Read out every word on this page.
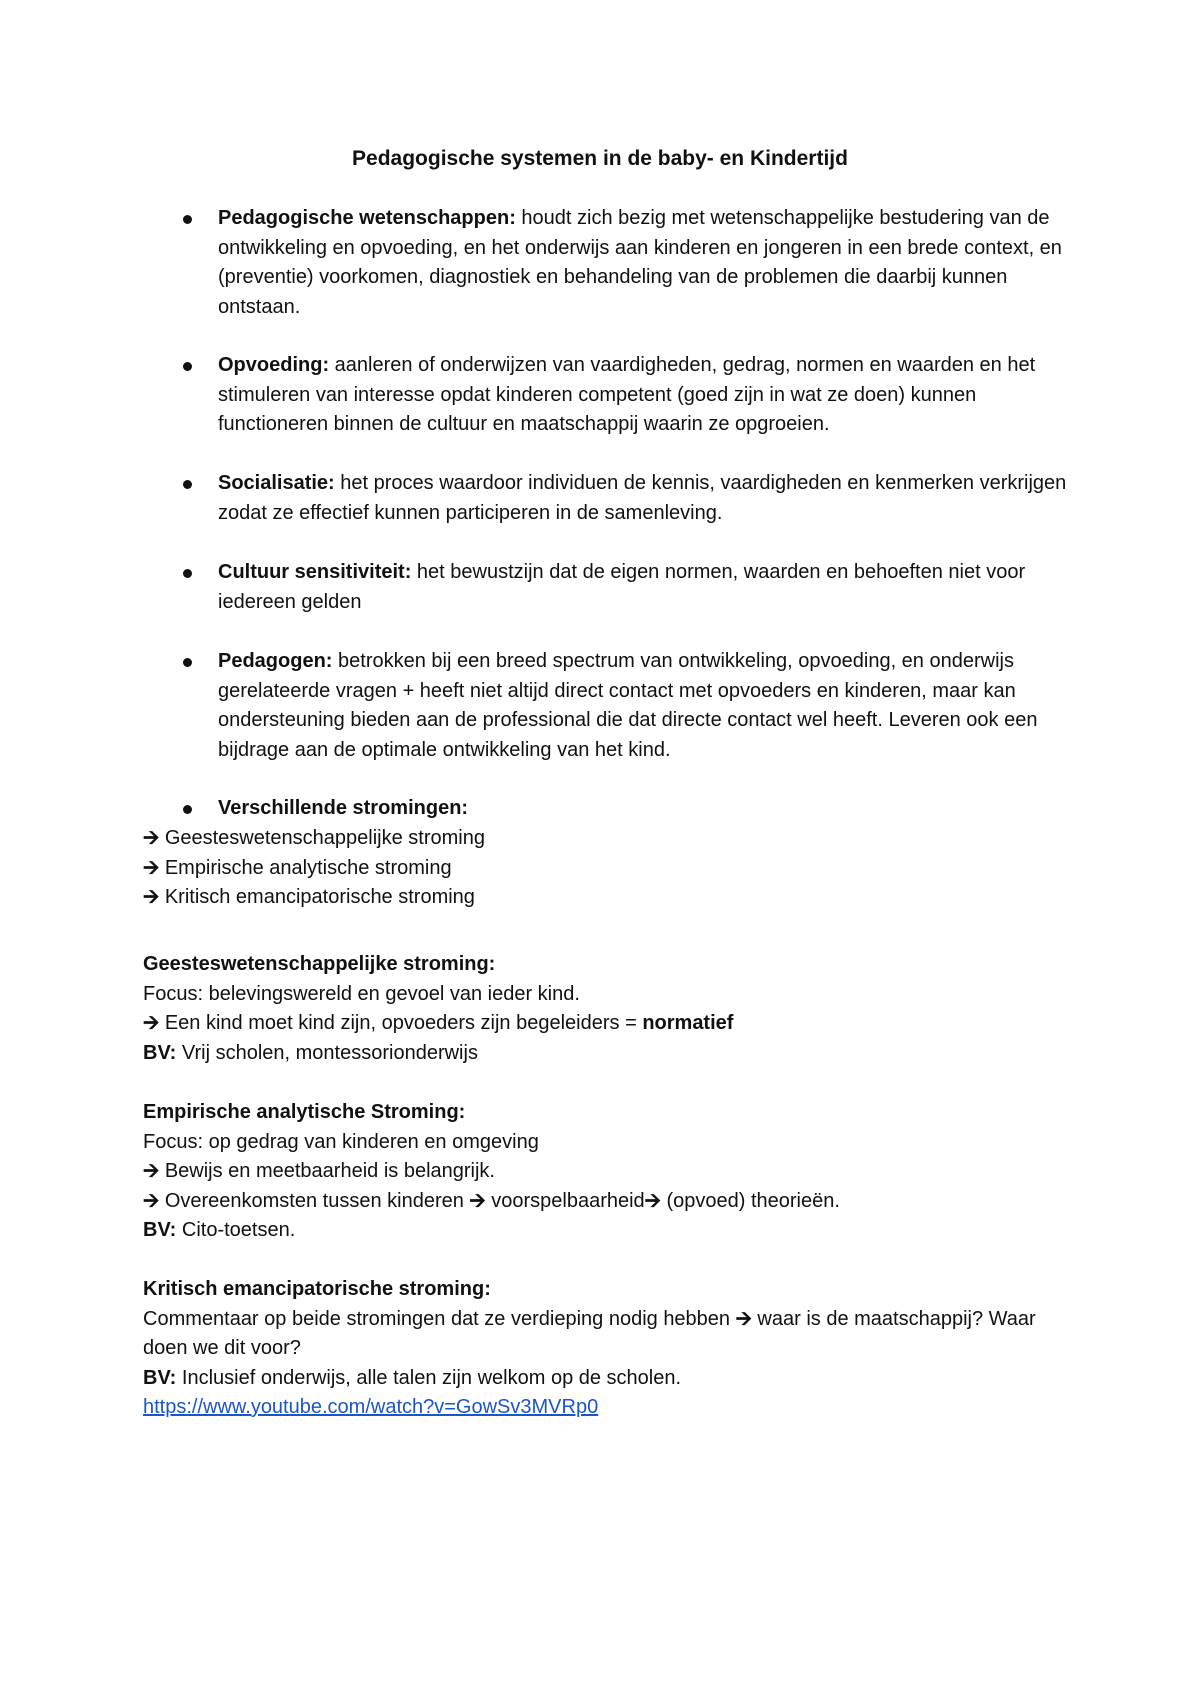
Pedagogische systemen in de baby- en Kindertijd
Pedagogische wetenschappen: houdt zich bezig met wetenschappelijke bestudering van de ontwikkeling en opvoeding, en het onderwijs aan kinderen en jongeren in een brede context, en (preventie) voorkomen, diagnostiek en behandeling van de problemen die daarbij kunnen ontstaan.
Opvoeding: aanleren of onderwijzen van vaardigheden, gedrag, normen en waarden en het stimuleren van interesse opdat kinderen competent (goed zijn in wat ze doen) kunnen functioneren binnen de cultuur en maatschappij waarin ze opgroeien.
Socialisatie: het proces waardoor individuen de kennis, vaardigheden en kenmerken verkrijgen zodat ze effectief kunnen participeren in de samenleving.
Cultuur sensitiviteit: het bewustzijn dat de eigen normen, waarden en behoeften niet voor iedereen gelden
Pedagogen: betrokken bij een breed spectrum van ontwikkeling, opvoeding, en onderwijs gerelateerde vragen + heeft niet altijd direct contact met opvoeders en kinderen, maar kan ondersteuning bieden aan de professional die dat directe contact wel heeft. Leveren ook een bijdrage aan de optimale ontwikkeling van het kind.
Verschillende stromingen:
🡪 Geesteswetenschappelijke stroming
🡪 Empirische analytische stroming
🡪 Kritisch emancipatorische stroming
Geesteswetenschappelijke stroming:
Focus: belevingswereld en gevoel van ieder kind.
🡪 Een kind moet kind zijn, opvoeders zijn begeleiders = normatief
BV: Vrij scholen, montessorionderwijs
Empirische analytische Stroming:
Focus: op gedrag van kinderen en omgeving
🡪 Bewijs en meetbaarheid is belangrijk.
🡪 Overeenkomsten tussen kinderen 🡪 voorspelbaarheid🡪 (opvoed) theorieën.
BV: Cito-toetsen.
Kritisch emancipatorische stroming:
Commentaar op beide stromingen dat ze verdieping nodig hebben 🡪 waar is de maatschappij? Waar doen we dit voor?
BV: Inclusief onderwijs, alle talen zijn welkom op de scholen.
https://www.youtube.com/watch?v=GowSv3MVRp0
